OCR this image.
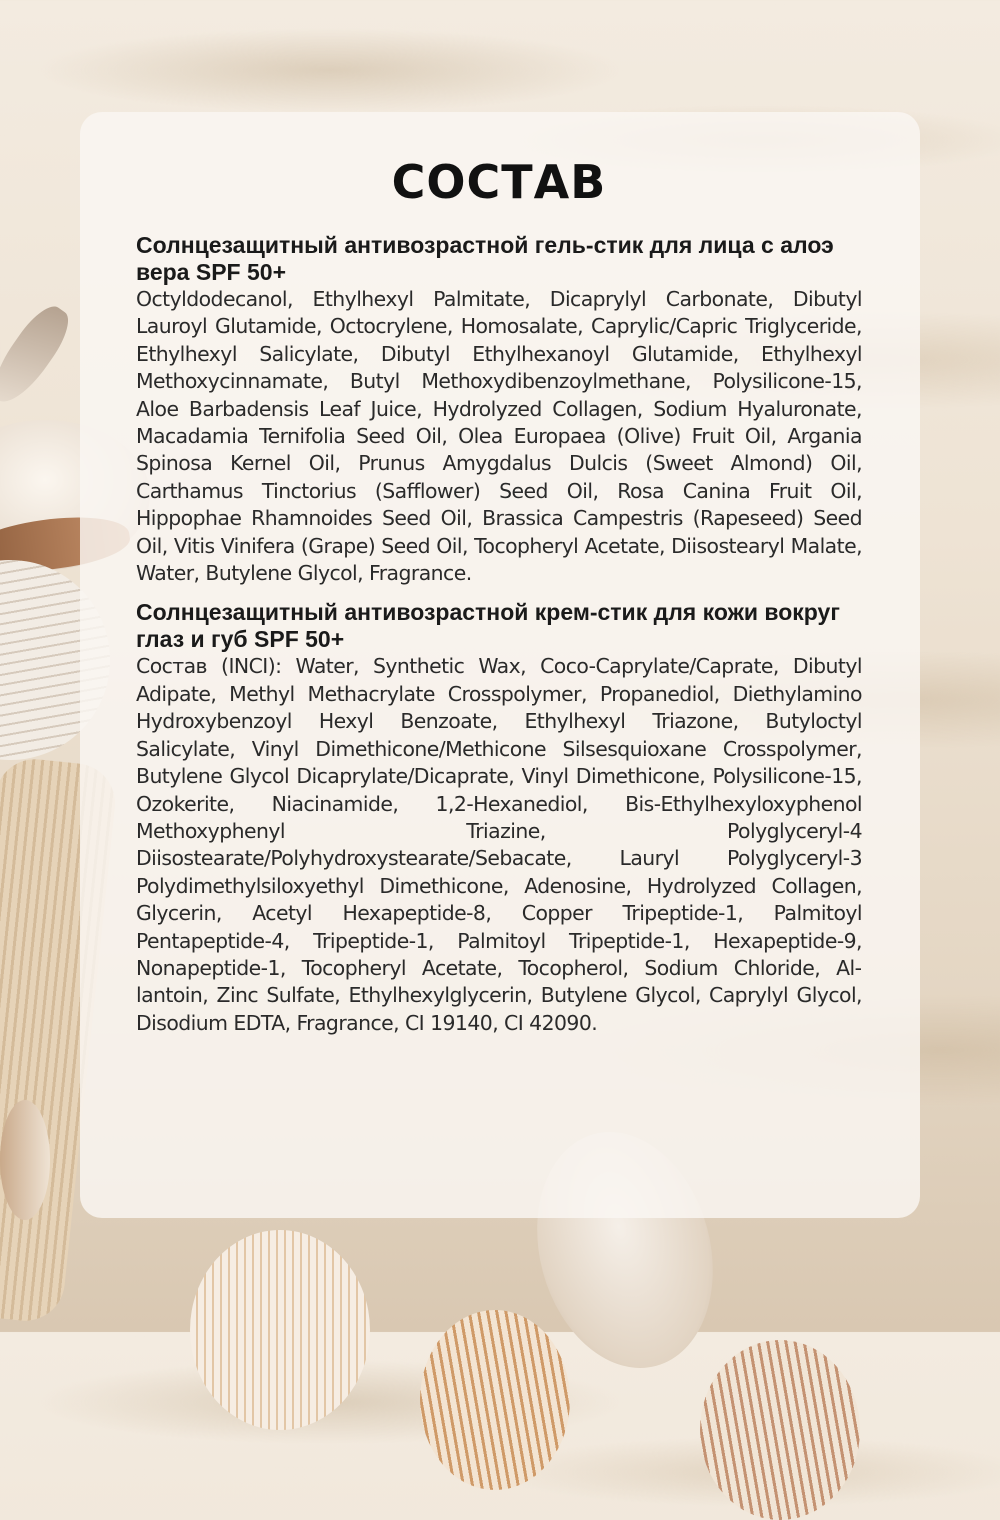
СОСТАВ
Солнцезащитный антивозрастной гель-стик для лица с алоэ вера SPF 50+

Octyldodecanol, Ethylhexyl Palmitate, Dicaprylyl Carbonate, Dibutyl Lauroyl Glutamide, Octocrylene, Homosalate, Caprylic/Capric Triglyceride, Ethylhexyl Salicylate, Dibutyl Ethylhexanoyl Glutamide, Ethylhexyl Methoxycinnamate, Butyl Methoxydibenzoylmethane, Polysilicone-15, Aloe Barbadensis Leaf Juice, Hydrolyzed Collagen, Sodium Hyaluronate, Macadamia Ternifolia Seed Oil, Olea Europaea (Olive) Fruit Oil, Argania Spinosa Kernel Oil, Prunus Amygdalus Dulcis (Sweet Almond) Oil, Carthamus Tinctorius (Safflower) Seed Oil, Rosa Canina Fruit Oil, Hippophae Rhamnoides Seed Oil, Brassica Campestris (Rapeseed) Seed Oil, Vitis Vinifera (Grape) Seed Oil, Tocopheryl Acetate, Diisostearyl Malate, Water, Butylene Glycol, Fragrance.

Солнцезащитный антивозрастной крем-стик для кожи вокруг глаз и губ SPF 50+

Состав (INCI): Water, Synthetic Wax, Coco-Caprylate/Caprate, Dibutyl Adipate, Methyl Methacrylate Crosspolymer, Propanediol, Diethylamino Hydroxybenzoyl Hexyl Benzoate, Ethylhexyl Triazone, Butyloctyl Salicylate, Vinyl Dimethicone/Methicone Silsesquioxane Crosspolymer, Butylene Glycol Dicaprylate/Dicaprate, Vinyl Dimethicone, Polysilicone-15, Ozokerite, Niacinamide, 1,2-Hexanediol, Bis-Ethylhexyloxyphenol Methoxyphenyl Triazine, Polyglyceryl-4 Diisostearate/Polyhydroxystearate/Sebacate, Lauryl Polyglyceryl-3 Polydimethylsiloxyethyl Dimethicone, Adenosine, Hydrolyzed Collagen, Glycerin, Acetyl Hexapeptide-8, Copper Tripeptide-1, Palmitoyl Pentapeptide-4, Tripeptide-1, Palmitoyl Tripeptide-1, Hexapeptide-9, Nonapeptide-1, Tocopheryl Acetate, Tocopherol, Sodium Chloride, Allantoin, Zinc Sulfate, Ethylhexylglycerin, Butylene Glycol, Caprylyl Glycol, Disodium EDTA, Fragrance, CI 19140, CI 42090.
